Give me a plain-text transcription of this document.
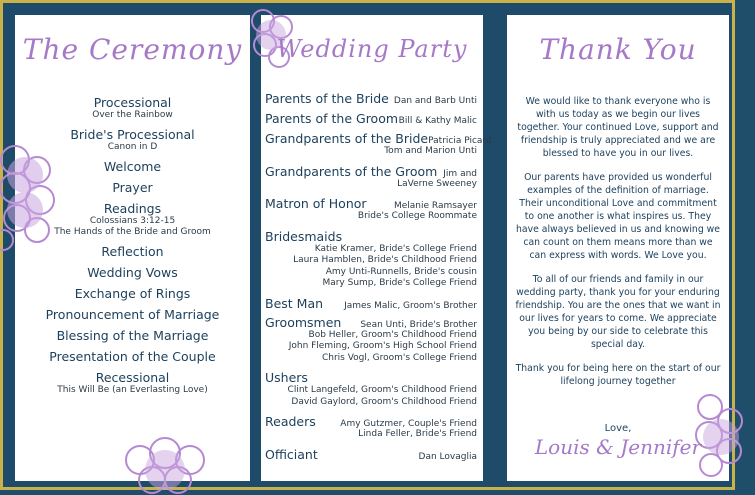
The Ceremony
Processional
Over the Rainbow
Bride's Processional
Canon in D
Welcome
Prayer
Readings
Colossians 3:12-15
The Hands of the Bride and Groom
Reflection
Wedding Vows
Exchange of Rings
Pronouncement of Marriage
Blessing of the Marriage
Presentation of the Couple
Recessional
This Will Be (an Everlasting Love)
Wedding Party
Parents of the Bride Dan and Barb Unti
Parents of the Groom Bill & Kathy Malic
Grandparents of the Bride Patricia Picard
Tom and Marion Unti
Grandparents of the Groom Jim and
LaVerne Sweeney
Matron of Honor	Melanie Ramsayer
Bride's College Roommate
Bridesmaids
Katie Kramer, Bride's College Friend
Laura Hamblen, Bride's Childhood Friend
Amy Unti-Runnells, Bride's cousin
Mary Sump, Bride's College Friend
Best Man James Malic, Groom's Brother
Groomsmen Sean Unti, Bride's Brother
Bob Heller, Groom's Childhood Friend
John Fleming, Groom's High School Friend
Chris Vogl, Groom's College Friend
Ushers
Clint Langefeld, Groom's Childhood Friend
David Gaylord, Groom's Childhood Friend
Readers	Amy Gutzmer, Couple's Friend
Linda Feller, Bride's Friend
Officiant	Dan Lovaglia
Thank You

We would like to thank everyone who is with us today as we begin our lives together. Your continued Love, support and friendship is truly appreciated and we are blessed to have you in our lives.

Our parents have provided us wonderful examples of the definition of marriage. Their unconditional Love and commitment to one another is what inspires us. They have always believed in us and knowing we can count on them means more than we can express with words. We Love you.

To all of our friends and family in our wedding party, thank you for your enduring friendship. You are the ones that we want in our lives for years to come. We appreciate you being by our side to celebrate this special day.

Thank you for being here on the start of our lifelong journey together

Love,
Louis & Jennifer
